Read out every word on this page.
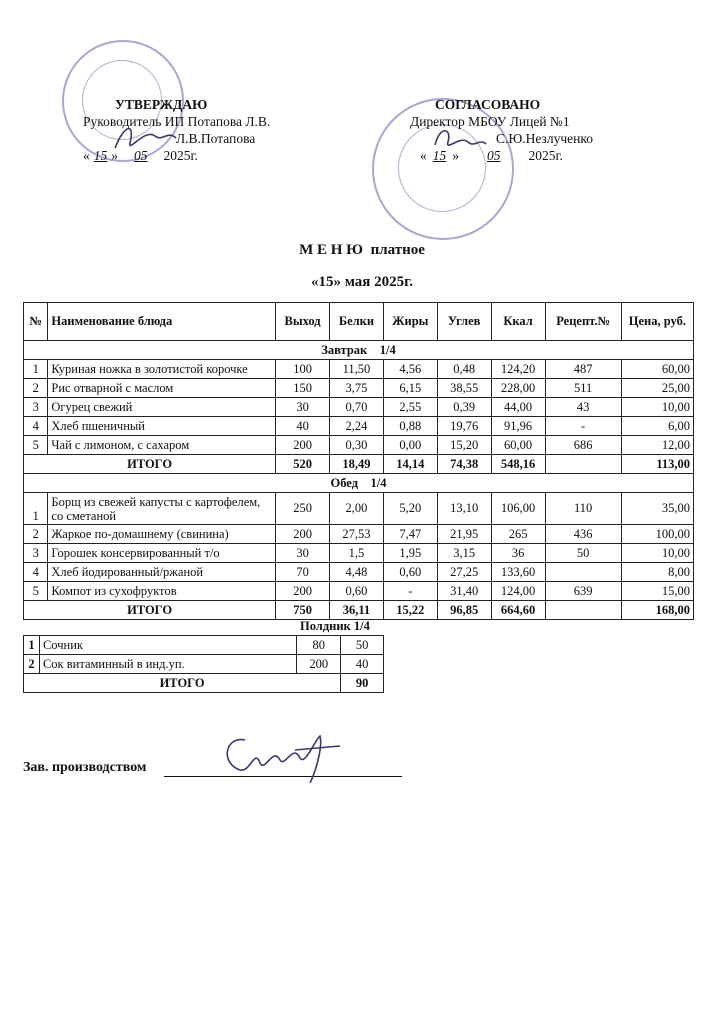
УТВЕРЖДАЮ
Руководитель ИП Потапова Л.В.
Л.В.Потапова
« 15 » 05 2025г.
СОГЛАСОВАНО
Директор МБОУ Лицей №1
С.Ю.Незлученко
« 15 » 05 2025г.
М Е Н Ю  платное
«15» мая 2025г.
№	Наименование блюда	Выход	Белки	Жиры	Углев	Ккал	Рецепт.№	Цена, руб.
Завтрак    1/4								
1	Куриная ножка в золотистой корочке	100	11,50	4,56	0,48	124,20	487	60,00
2	Рис отварной с маслом	150	3,75	6,15	38,55	228,00	511	25,00
3	Огурец свежий	30	0,70	2,55	0,39	44,00	43	10,00
4	Хлеб пшеничный	40	2,24	0,88	19,76	91,96	-	6,00
5	Чай с лимоном, с сахаром	200	0,30	0,00	15,20	60,00	686	12,00
ИТОГО		520	18,49	14,14	74,38	548,16		113,00
Обед    1/4								
1	Борщ из свежей капусты с картофелем, со сметаной	250	2,00	5,20	13,10	106,00	110	35,00
2	Жаркое по-домашнему (свинина)	200	27,53	7,47	21,95	265	436	100,00
3	Горошек консервированный т/о	30	1,5	1,95	3,15	36	50	10,00
4	Хлеб йодированный/ржаной	70	4,48	0,60	27,25	133,60		8,00
5	Компот из сухофруктов	200	0,60	-	31,40	124,00	639	15,00
ИТОГО		750	36,11	15,22	96,85	664,60		168,00
Полдник 1/4
1	Сочник	80	50
2	Сок витаминный в инд.уп.	200	40
ИТОГО			90
Зав. производством
